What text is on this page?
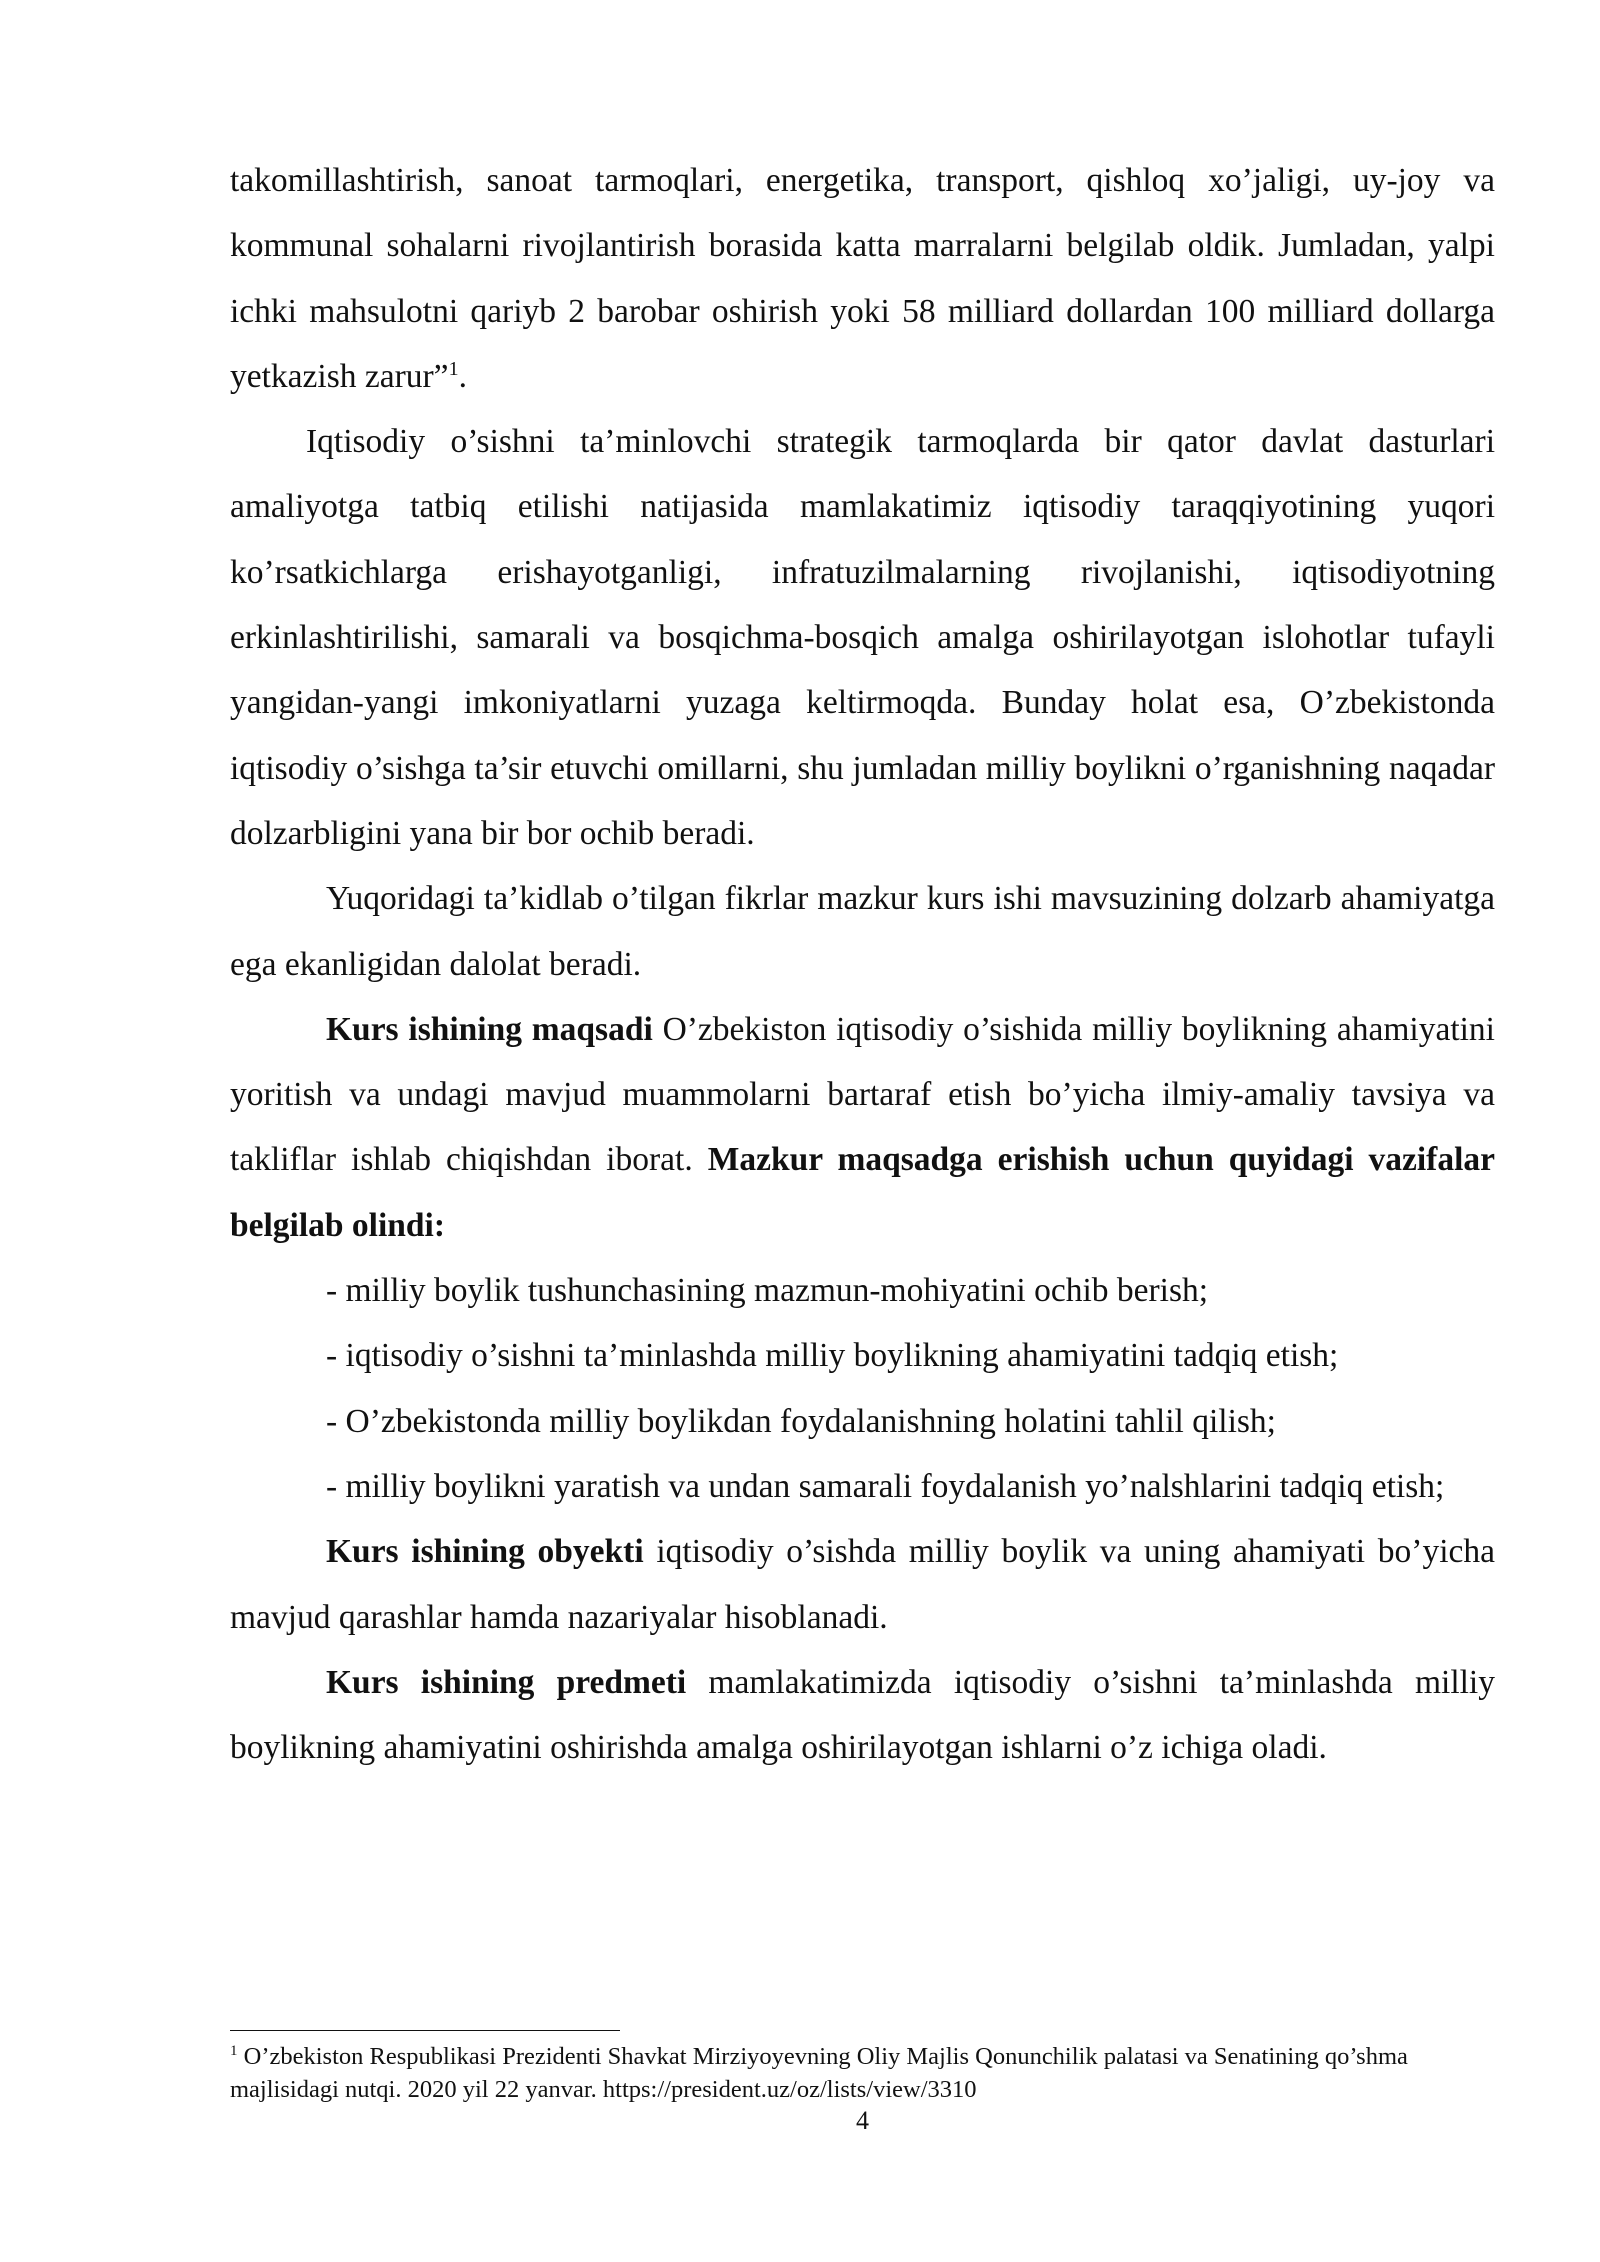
takomillashtirish, sanoat tarmoqlari, energetika, transport, qishloq xo’jaligi, uy-joy va kommunal sohalarni rivojlantirish borasida katta marralarni belgilab oldik. Jumladan, yalpi ichki mahsulotni qariyb 2 barobar oshirish yoki 58 milliard dollardan 100 milliard dollarga yetkazish zarur”$^1$.

Iqtisodiy o’sishni ta’minlovchi strategik tarmoqlarda bir qator davlat dasturlari amaliyotga tatbiq etilishi natijasida mamlakatimiz iqtisodiy taraqqiyotining yuqori ko’rsatkichlarga erishayotganligi, infratuzilmalarning rivojlanishi, iqtisodiyotning erkinlashtirilishi, samarali va bosqichma-bosqich amalga oshirilayotgan islohotlar tufayli yangidan-yangi imkoniyatlarni yuzaga keltirmoqda. Bunday holat esa, O’zbekistonda iqtisodiy o’sishga ta’sir etuvchi omillarni, shu jumladan milliy boylikni o’rganishning naqadar dolzarbligini yana bir bor ochib beradi.

Yuqoridagi ta’kidlab o’tilgan fikrlar mazkur kurs ishi mavsuzining dolzarb ahamiyatga ega ekanligidan dalolat beradi.

Kurs ishining maqsadi O’zbekiston iqtisodiy o’sishida milliy boylikning ahamiyatini yoritish va undagi mavjud muammolarni bartaraf etish bo’yicha ilmiy-amaliy tavsiya va takliflar ishlab chiqishdan iborat. Mazkur maqsadga erishish uchun quyidagi vazifalar belgilab olindi:

- milliy boylik tushunchasining mazmun-mohiyatini ochib berish;

- iqtisodiy o’sishni ta’minlashda milliy boylikning ahamiyatini tadqiq etish;

- O’zbekistonda milliy boylikdan foydalanishning holatini tahlil qilish;

- milliy boylikni yaratish va undan samarali foydalanish yo’nalshlarini tadqiq etish;

Kurs ishining obyekti iqtisodiy o’sishda milliy boylik va uning ahamiyati bo’yicha mavjud qarashlar hamda nazariyalar hisoblanadi.

Kurs ishining predmeti mamlakatimizda iqtisodiy o’sishni ta’minlashda milliy boylikning ahamiyatini oshirishda amalga oshirilayotgan ishlarni o’z ichiga oladi.

$^1$ O’zbekiston Respublikasi Prezidenti Shavkat Mirziyoyevning Oliy Majlis Qonunchilik palatasi va Senatining qo’shma majlisidagi nutqi. 2020 yil 22 yanvar. https://president.uz/oz/lists/view/3310
4
